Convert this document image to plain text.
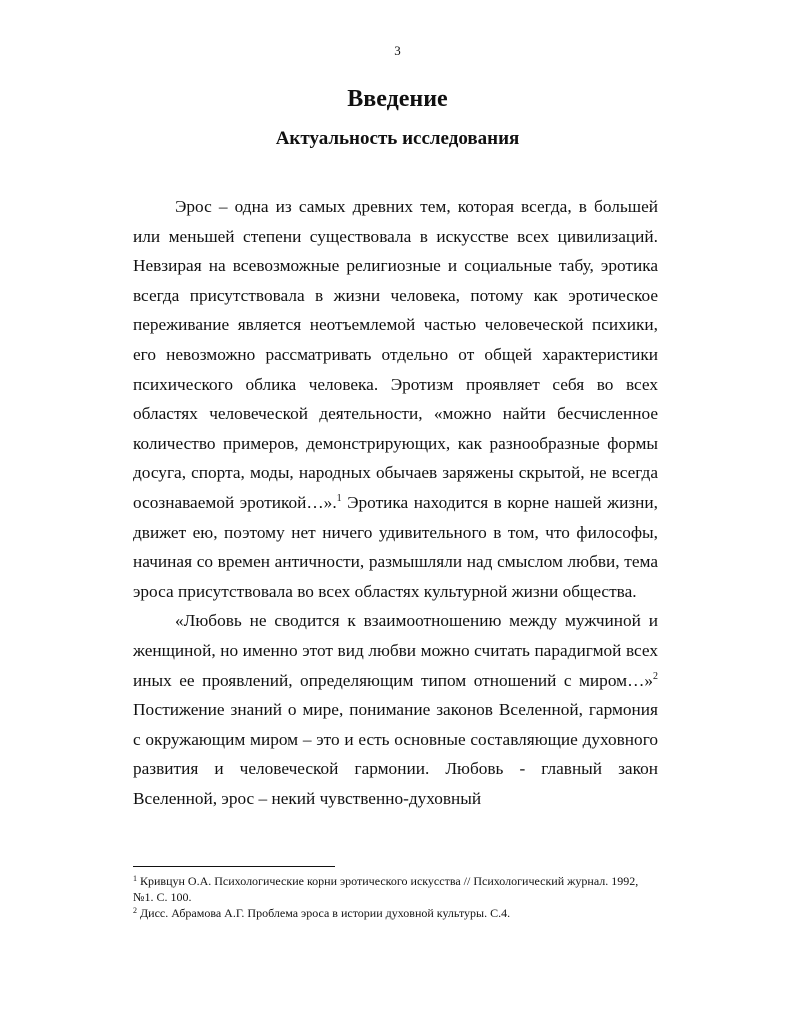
3
Введение
Актуальность исследования

Эрос – одна из самых древних тем, которая всегда, в большей или меньшей степени существовала в искусстве всех цивилизаций. Невзирая на всевозможные религиозные и социальные табу, эротика всегда присутствовала в жизни человека, потому как эротическое переживание является неотъемлемой частью человеческой психики, его невозможно рассматривать отдельно от общей характеристики психического облика человека. Эротизм проявляет себя во всех областях человеческой деятельности, «можно найти бесчисленное количество примеров, демонстрирующих, как разнообразные формы досуга, спорта, моды, народных обычаев заряжены скрытой, не всегда осознаваемой эротикой…».$^1$ Эротика находится в корне нашей жизни, движет ею, поэтому нет ничего удивительного в том, что философы, начиная со времен античности, размышляли над смыслом любви, тема эроса присутствовала во всех областях культурной жизни общества.

«Любовь не сводится к взаимоотношению между мужчиной и женщиной, но именно этот вид любви можно считать парадигмой всех иных ее проявлений, определяющим типом отношений с миром…»$^2$ Постижение знаний о мире, понимание законов Вселенной, гармония с окружающим миром – это и есть основные составляющие духовного развития и человеческой гармонии. Любовь - главный закон Вселенной, эрос – некий чувственно-духовный

$^1$ Кривцун О.А. Психологические корни эротического искусства // Психологический журнал. 1992, №1. С. 100.

$^2$ Дисс. Абрамова А.Г. Проблема эроса в истории духовной культуры. С.4.
